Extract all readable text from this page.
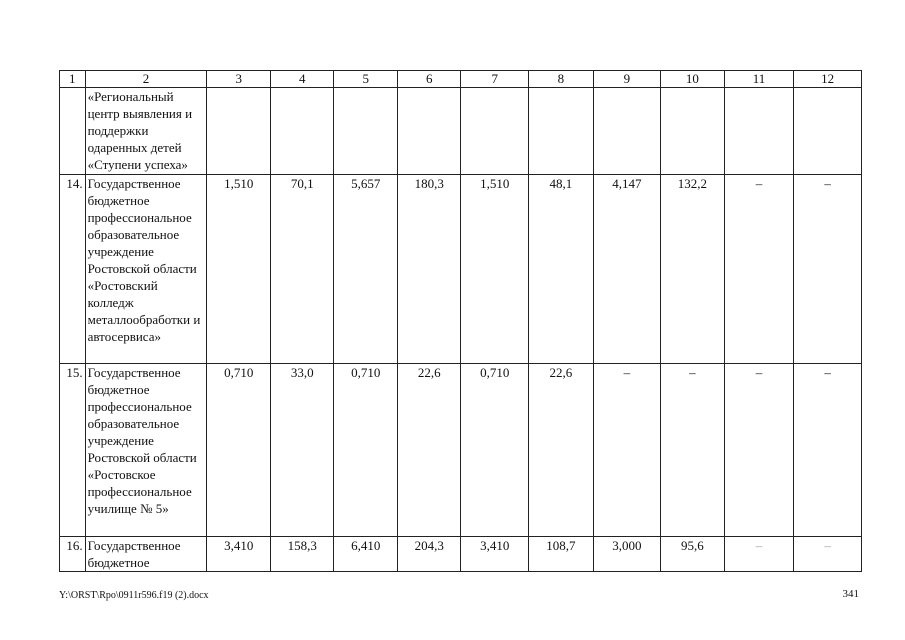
1	2	3	4	5	6	7	8	9	10	11	12
	«Региональный центр выявления и поддержки одаренных детей «Ступени успеха»										
14.	Государственное бюджетное профессиональное образовательное учреждение Ростовской области «Ростовский колледж металлообработки и автосервиса»	1,510	70,1	5,657	180,3	1,510	48,1	4,147	132,2	–	–
15.	Государственное бюджетное профессиональное образовательное учреждение Ростовской области «Ростовское профессиональное училище № 5»	0,710	33,0	0,710	22,6	0,710	22,6	–	–	–	–
16.	Государственное бюджетное	3,410	158,3	6,410	204,3	3,410	108,7	3,000	95,6	–	–
Y:\ORST\Rpo\0911r596.f19 (2).docx	341
